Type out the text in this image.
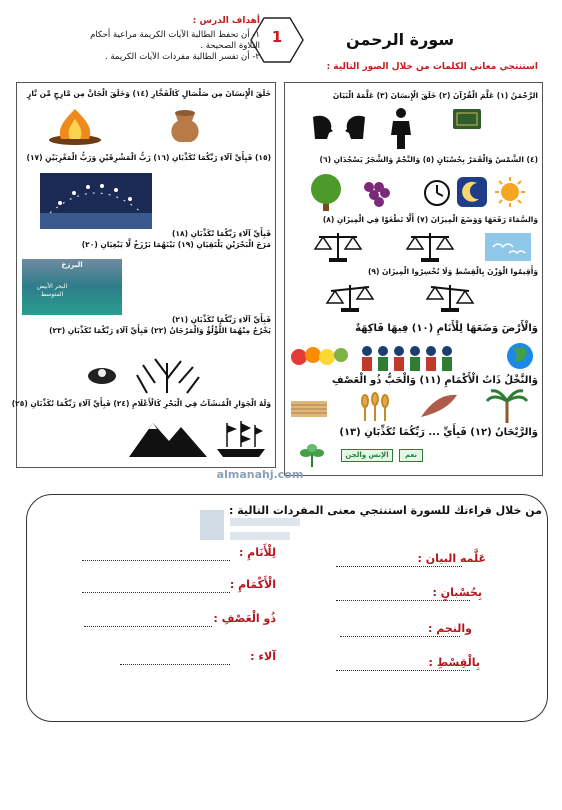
سورة الرحمن
1
أهداف الدرس :
١- أن تحفظ الطالبة الآيات الكريمة مراعية أحكام
التلاوة الصحيحة .
٢- أن تفسر الطالبة مفردات الآيات الكريمة .
استنتجي معاني الكلمات من خلال الصور التالية :
خَلَقَ الْإِنسَانَ مِن صَلْصَالٍ كَالْفَخَّارِ (١٤) وَخَلَقَ الْجَانَّ مِن مَّارِجٍ مِّن نَّارٍ
(١٥) فَبِأَيِّ آلَاءِ رَبِّكُمَا تُكَذِّبَانِ (١٦) رَبُّ الْمَشْرِقَيْنِ وَرَبُّ الْمَغْرِبَيْنِ (١٧)
فَبِأَيِّ آلَاءِ رَبِّكُمَا تُكَذِّبَانِ (١٨)
مَرَجَ الْبَحْرَيْنِ يَلْتَقِيَانِ (١٩) بَيْنَهُمَا بَرْزَخٌ لَّا يَبْغِيَانِ (٢٠)
البرزخ
البحر الأبيض المتوسط
فَبِأَيِّ آلَاءِ رَبِّكُمَا تُكَذِّبَانِ (٢١)
يَخْرُجُ مِنْهُمَا اللُّؤْلُؤُ وَالْمَرْجَانُ (٢٢) فَبِأَيِّ آلَاءِ رَبِّكُمَا تُكَذِّبَانِ (٢٣)
وَلَهُ الْجَوَارِ الْمُنشَآتُ فِي الْبَحْرِ كَالْأَعْلَامِ (٢٤) فَبِأَيِّ آلَاءِ رَبِّكُمَا تُكَذِّبَانِ (٢٥)
الرَّحْمَنُ (١) عَلَّمَ الْقُرْآنَ (٢) خَلَقَ الْإِنسَانَ (٣) عَلَّمَهُ الْبَيَانَ
(٤) الشَّمْسُ وَالْقَمَرُ بِحُسْبَانٍ (٥) وَالنَّجْمُ وَالشَّجَرُ يَسْجُدَانِ (٦)
وَالسَّمَاءَ رَفَعَهَا وَوَضَعَ الْمِيزَانَ (٧) أَلَّا تَطْغَوْا فِي الْمِيزَانِ (٨)
وَأَقِيمُوا الْوَزْنَ بِالْقِسْطِ وَلَا تُخْسِرُوا الْمِيزَانَ (٩)
وَالْأَرْضَ وَضَعَهَا لِلْأَنَامِ (١٠) فِيهَا فَاكِهَةٌ
وَالنَّخْلُ ذَاتُ الْأَكْمَامِ (١١) وَالْحَبُّ ذُو الْعَصْفِ
وَالرَّيْحَانُ (١٢) فَبِأَيِّ ... رَبِّكُمَا تُكَذِّبَانِ (١٣)
نعم
الإنس والجن
almanahj.com
من خلال قراءتك للسورة استنتجي معنى المفردات التالية :
عَلَّمه البيان :
بِحُسْبانٍ :
والنجم :
بِالْقِسْطِ :
لِلْأَنَامِ :
الْأَكْمَامِ :
ذُو الْعَصْفِ :
آلاء :
